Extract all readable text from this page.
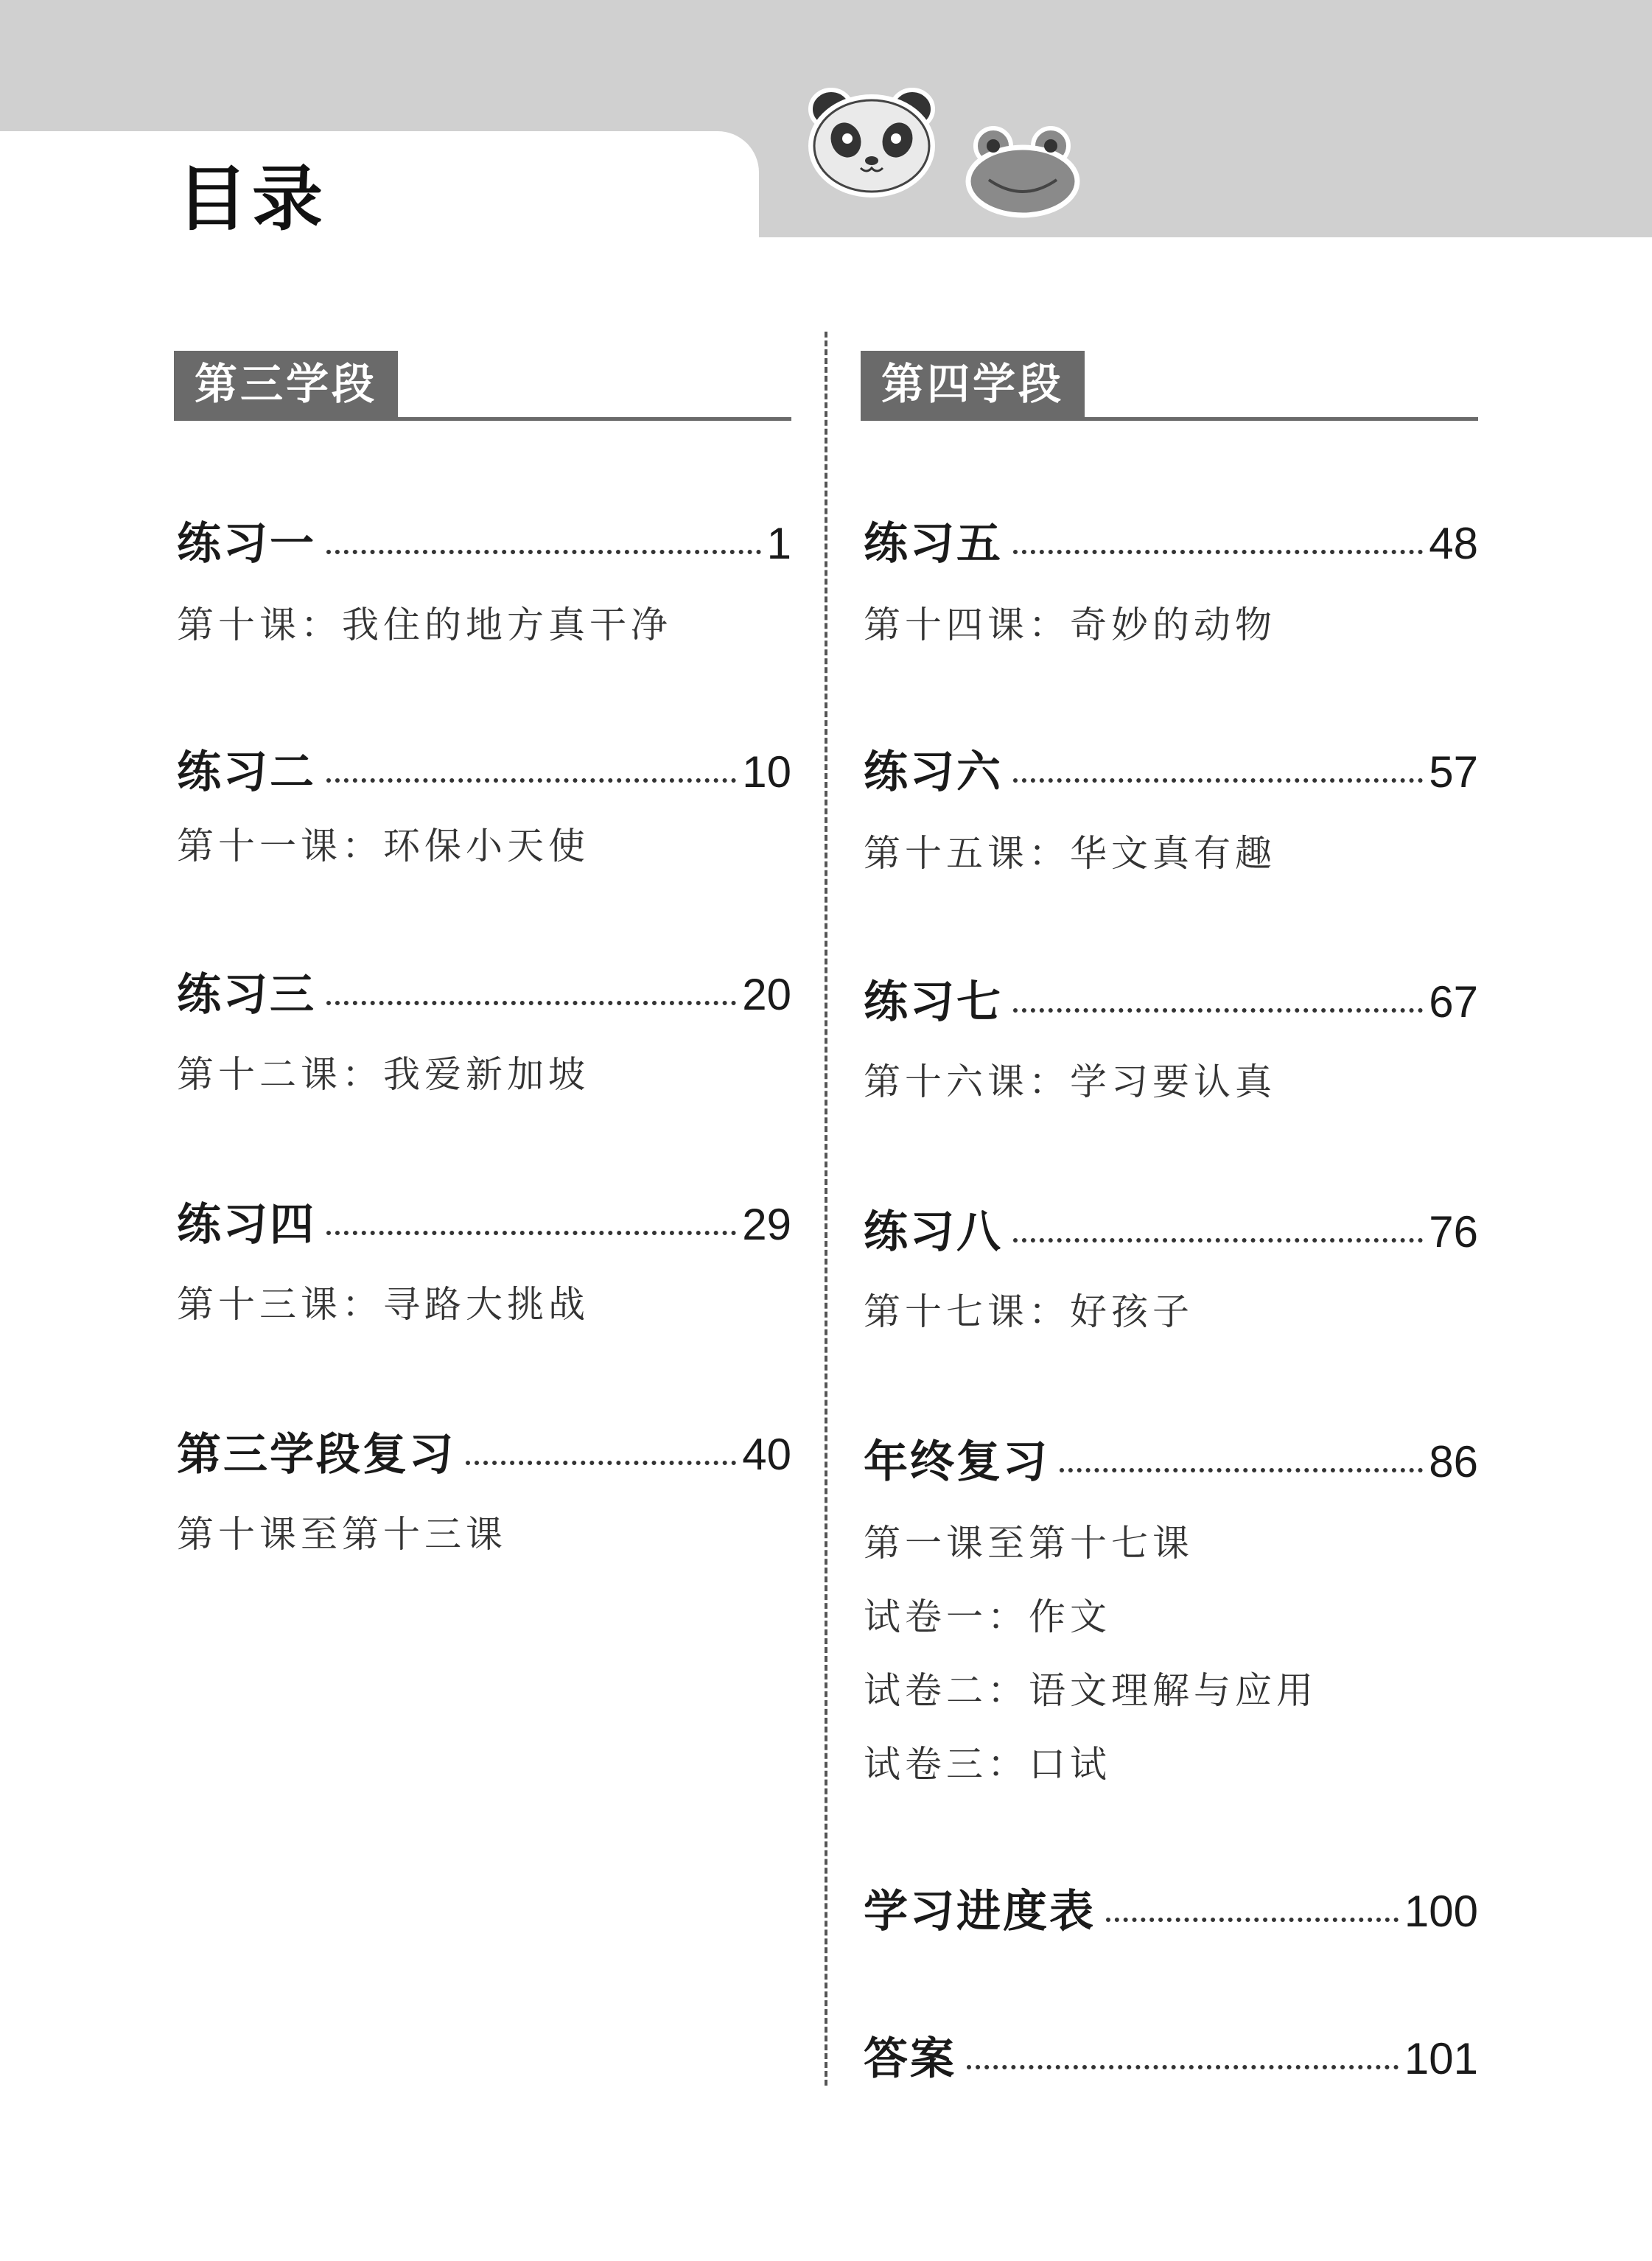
目录
第三学段	第四学段
练习一	1
第十课：我住的地方真干净
练习二	10
第十一课：环保小天使
练习三	20
第十二课：我爱新加坡
练习四	29
第十三课：寻路大挑战
第三学段复习	40
第十课至第十三课
练习五	48
第十四课：奇妙的动物
练习六	57
第十五课：华文真有趣
练习七	67
第十六课：学习要认真
练习八	76
第十七课：好孩子
年终复习	86
第一课至第十七课
试卷一：作文
试卷二：语文理解与应用
试卷三：口试
学习进度表	100
答案	101
